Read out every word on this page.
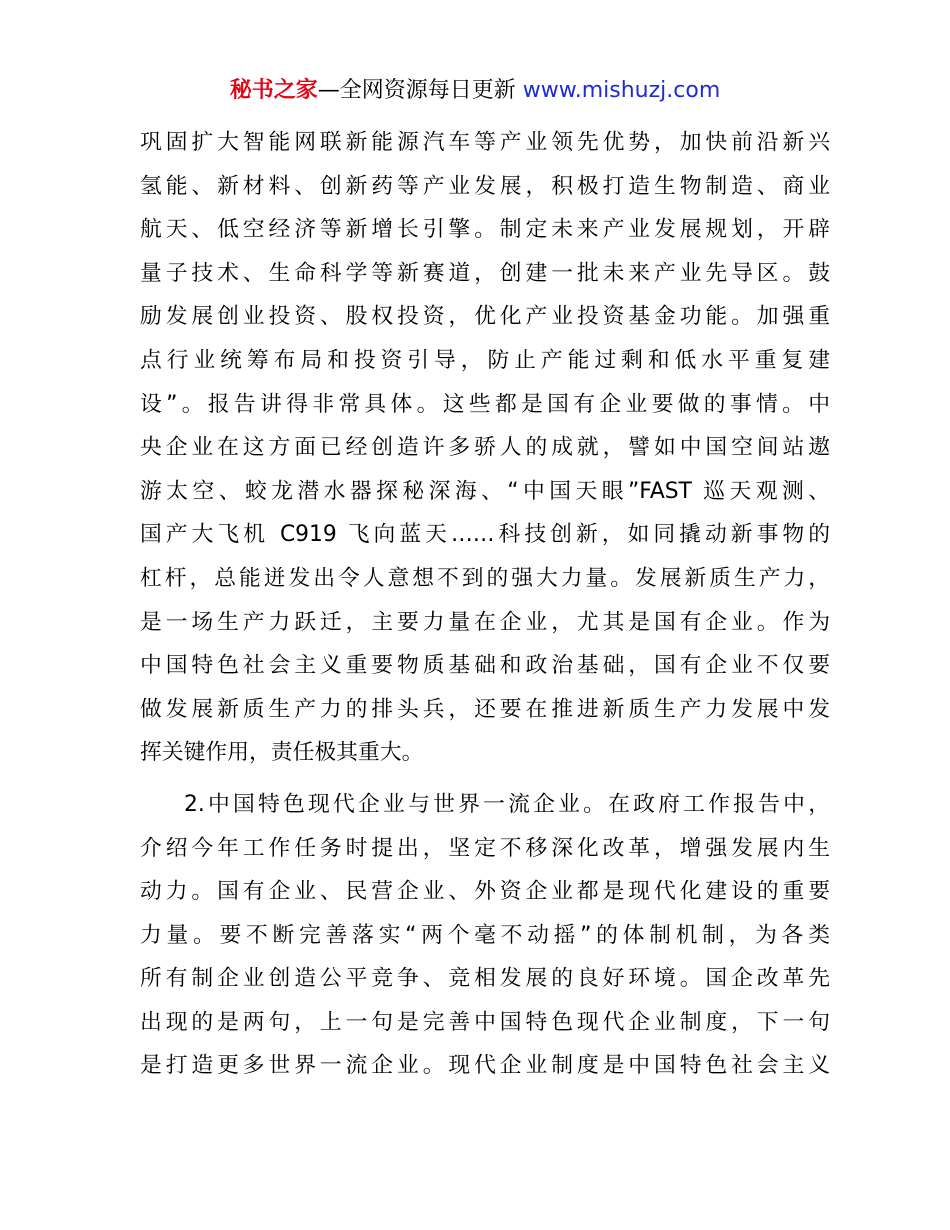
秘书之家—全网资源每日更新 www.mishuzj.com
巩固扩大智能网联新能源汽车等产业领先优势，加快前沿新兴
氢能、新材料、创新药等产业发展，积极打造生物制造、商业
航天、低空经济等新增长引擎。制定未来产业发展规划，开辟
量子技术、生命科学等新赛道，创建一批未来产业先导区。鼓
励发展创业投资、股权投资，优化产业投资基金功能。加强重
点行业统筹布局和投资引导，防止产能过剩和低水平重复建
设”。报告讲得非常具体。这些都是国有企业要做的事情。中
央企业在这方面已经创造许多骄人的成就，譬如中国空间站遨
游太空、蛟龙潜水器探秘深海、“中国天眼”FAST 巡天观测、
国产大飞机 C919 飞向蓝天……科技创新，如同撬动新事物的
杠杆，总能迸发出令人意想不到的强大力量。发展新质生产力，
是一场生产力跃迁，主要力量在企业，尤其是国有企业。作为
中国特色社会主义重要物质基础和政治基础，国有企业不仅要
做发展新质生产力的排头兵，还要在推进新质生产力发展中发
挥关键作用，责任极其重大。
2.中国特色现代企业与世界一流企业。在政府工作报告中，
介绍今年工作任务时提出，坚定不移深化改革，增强发展内生
动力。国有企业、民营企业、外资企业都是现代化建设的重要
力量。要不断完善落实“两个毫不动摇”的体制机制，为各类
所有制企业创造公平竞争、竞相发展的良好环境。国企改革先
出现的是两句，上一句是完善中国特色现代企业制度，下一句
是打造更多世界一流企业。现代企业制度是中国特色社会主义
